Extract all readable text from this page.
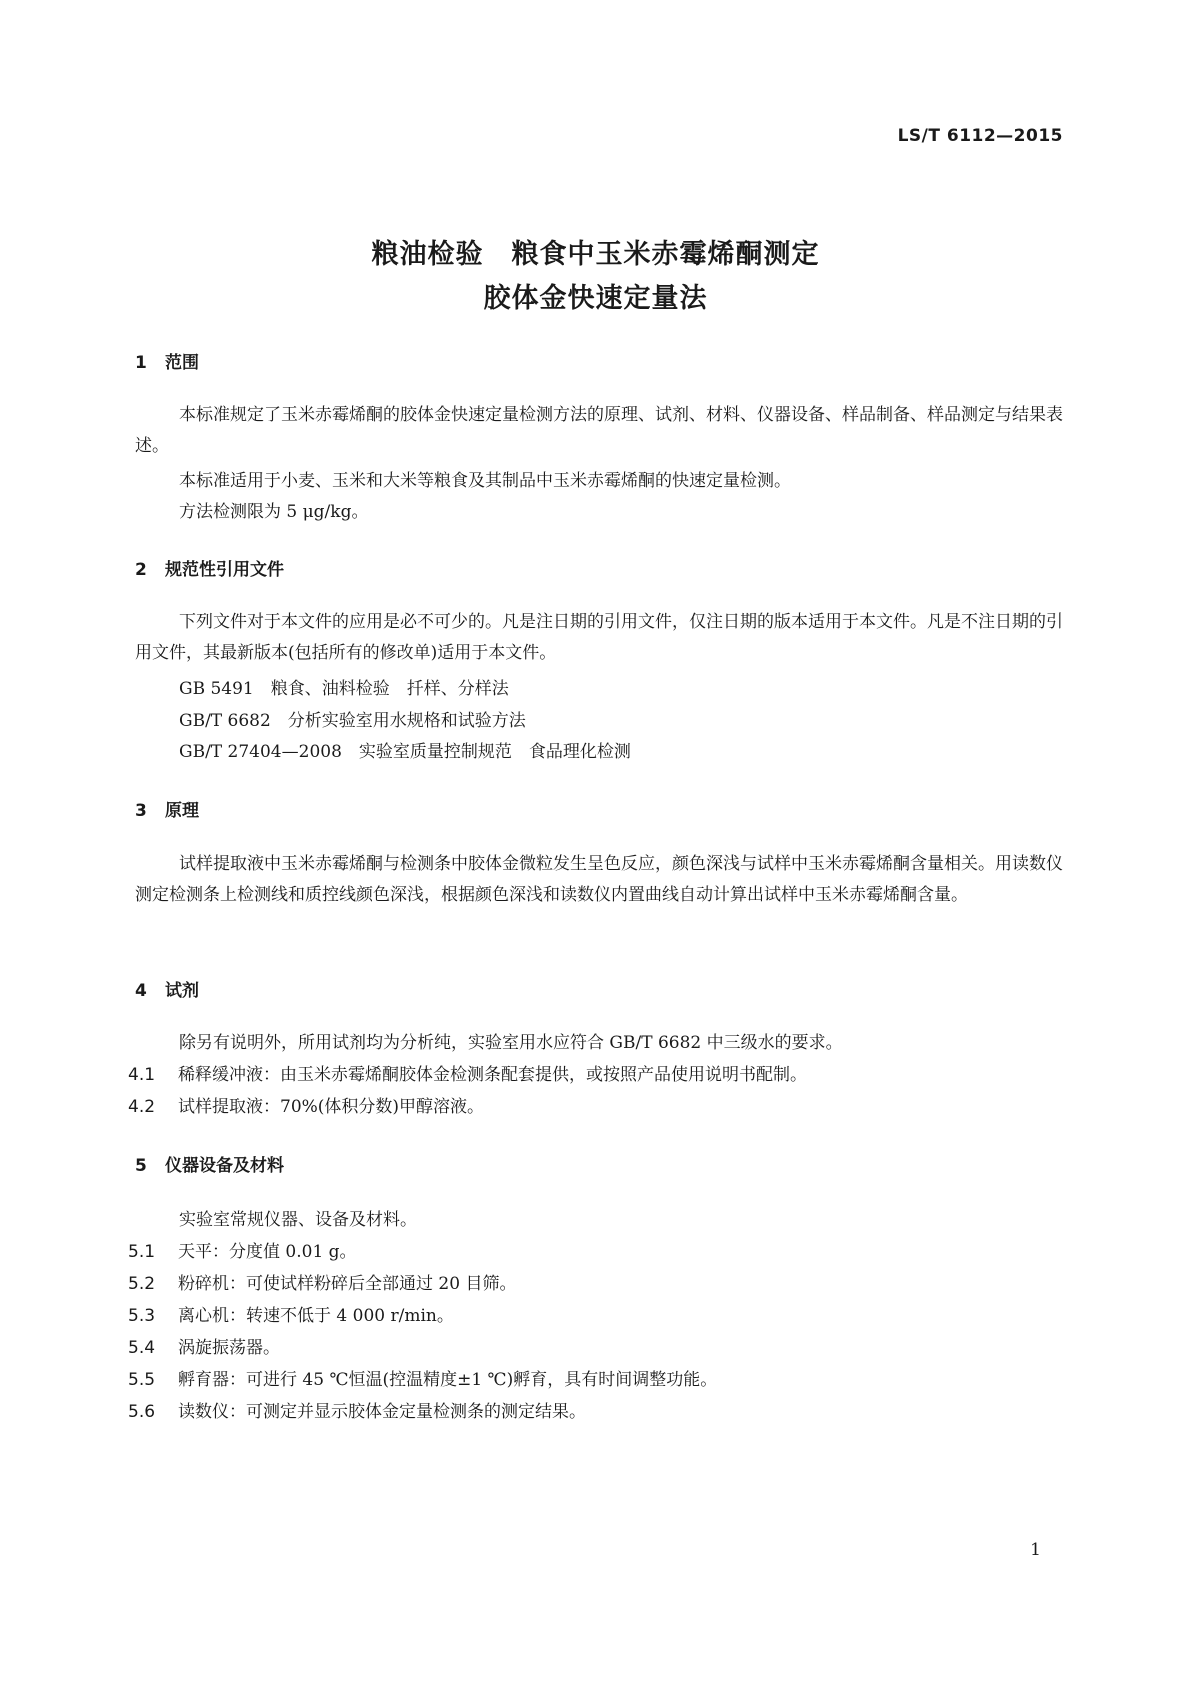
LS/T 6112—2015
粮油检验　粮食中玉米赤霉烯酮测定
胶体金快速定量法
1 范围
本标准规定了玉米赤霉烯酮的胶体金快速定量检测方法的原理、试剂、材料、仪器设备、样品制备、样品测定与结果表述。
本标准适用于小麦、玉米和大米等粮食及其制品中玉米赤霉烯酮的快速定量检测。
方法检测限为 5 μg/kg。
2 规范性引用文件
下列文件对于本文件的应用是必不可少的。凡是注日期的引用文件，仅注日期的版本适用于本文件。凡是不注日期的引用文件，其最新版本(包括所有的修改单)适用于本文件。
GB 5491　粮食、油料检验　扦样、分样法
GB/T 6682　分析实验室用水规格和试验方法
GB/T 27404—2008　实验室质量控制规范　食品理化检测
3 原理
试样提取液中玉米赤霉烯酮与检测条中胶体金微粒发生呈色反应，颜色深浅与试样中玉米赤霉烯酮含量相关。用读数仪测定检测条上检测线和质控线颜色深浅，根据颜色深浅和读数仪内置曲线自动计算出试样中玉米赤霉烯酮含量。
4 试剂
除另有说明外，所用试剂均为分析纯，实验室用水应符合 GB/T 6682 中三级水的要求。
4.1 稀释缓冲液：由玉米赤霉烯酮胶体金检测条配套提供，或按照产品使用说明书配制。
4.2 试样提取液：70%(体积分数)甲醇溶液。
5 仪器设备及材料
实验室常规仪器、设备及材料。
5.1 天平：分度值 0.01 g。
5.2 粉碎机：可使试样粉碎后全部通过 20 目筛。
5.3 离心机：转速不低于 4 000 r/min。
5.4 涡旋振荡器。
5.5 孵育器：可进行 45 ℃恒温(控温精度±1 ℃)孵育，具有时间调整功能。
5.6 读数仪：可测定并显示胶体金定量检测条的测定结果。
1
